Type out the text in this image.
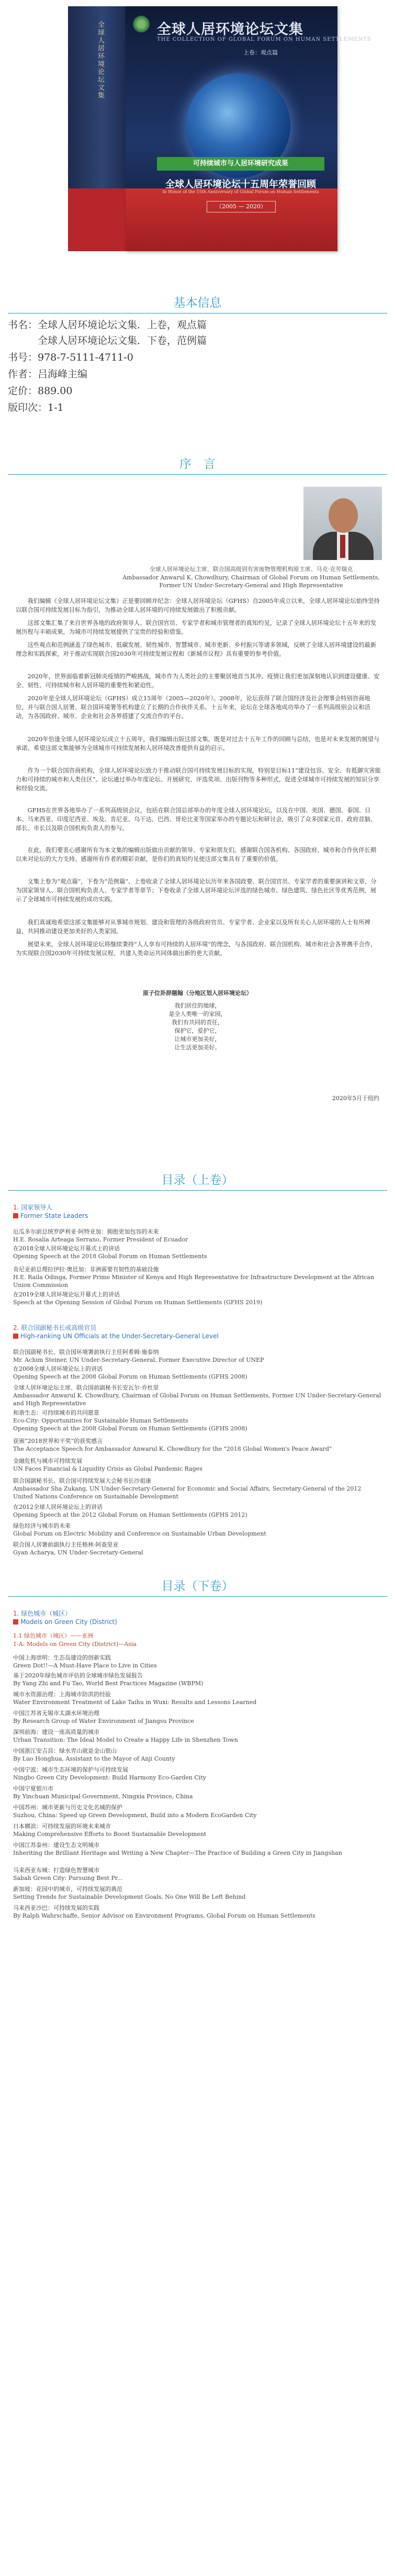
全球人居环境论坛文集	全球人居环境论坛文集
THE COLLECTION OF GLOBAL FORUM ON HUMAN SETTLEMENTS
上卷：观点篇
可持续城市与人居环境研究成果
全球人居环境论坛十五周年荣誉回顾
In Honor of the 15th Anniversary of Global Forum on Human Settlements
（2005 — 2020）
基本信息
书名：全球人居环境论坛文集．上卷，观点篇
全球人居环境论坛文集．下卷，范例篇
书号：978-7-5111-4711-0
作者：吕海峰主编
定价：889.00
版印次：1-1
序　言
全球人居环境论坛主席、联合国高级别有害废物管理机构原主席、马克·克劳瑞克
Ambassador Anwarul K. Chowdhury, Chairman of Global Forum on Human Settlements,
Former UN Under-Secretary-General and High Representative

我们编辑《全球人居环境论坛文集》正是要回顾并纪念：全球人居环境论坛（GFHS）自2005年成立以来，全球人居环境论坛始终坚持以联合国可持续发展目标为指引，为推动全球人居环境的可持续发展做出了积极贡献。

这部文集汇集了来自世界各地的政府领导人、联合国官员、专家学者和城市管理者的真知灼见，记录了全球人居环境论坛十五年来的发展历程与丰硕成果，为城市可持续发展提供了宝贵的经验和借鉴。

这些观点和范例涵盖了绿色城市、低碳发展、韧性城市、智慧城市、城市更新、乡村振兴等诸多领域，反映了全球人居环境建设的最新理念和实践探索，对于推动实现联合国2030年可持续发展议程和《新城市议程》具有重要的参考价值。

2020年，世界面临着新冠肺炎疫情的严峻挑战，城市作为人类社会的主要聚居地首当其冲。疫情让我们更加深刻地认识到建设健康、安全、韧性、可持续城市和人居环境的重要性和紧迫性。

2020年是全球人居环境论坛（GFHS）成立15周年（2005—2020年）。2008年，论坛获得了联合国经济及社会理事会特别咨商地位，并与联合国人居署、联合国环境署等机构建立了长期的合作伙伴关系。十五年来，论坛在全球各地成功举办了一系列高级别会议和活动，为各国政府、城市、企业和社会各界搭建了交流合作的平台。

2020年恰逢全球人居环境论坛成立十五周年，我们编辑出版这部文集，既是对过去十五年工作的回顾与总结，也是对未来发展的展望与承诺。希望这部文集能够为全球城市可持续发展和人居环境改善提供有益的启示。

作为一个联合国咨商机构，全球人居环境论坛致力于推动联合国可持续发展目标的实现，特别是目标11“建设包容、安全、有抵御灾害能力和可持续的城市和人类住区”。论坛通过举办年度论坛、开展研究、评选奖项、出版刊物等多种形式，促进全球城市可持续发展的知识分享和经验交流。

GFHS在世界各地举办了一系列高级别会议，包括在联合国总部举办的年度全球人居环境论坛，以及在中国、美国、德国、泰国、日本、马来西亚、印度尼西亚、埃及、肯尼亚、乌干达、巴西、哥伦比亚等国家举办的专题论坛和研讨会，吸引了众多国家元首、政府首脑、部长、市长以及联合国机构负责人的参与。

在此，我们要衷心感谢所有为本文集的编辑出版做出贡献的领导、专家和朋友们。感谢联合国各机构、各国政府、城市和合作伙伴长期以来对论坛的大力支持。感谢所有作者的精彩贡献，是你们的真知灼见使这部文集具有了重要的价值。

文集上卷为“观点篇”，下卷为“范例篇”。上卷收录了全球人居环境论坛历年来各国政要、联合国官员、专家学者的重要演讲和文章，分为国家领导人、联合国机构负责人、专家学者等章节；下卷收录了全球人居环境论坛评选的绿色城市、绿色建筑、绿色社区等优秀范例，展示了全球城市可持续发展的成功实践。

我们真诚地希望这部文集能够对从事城市规划、建设和管理的各级政府官员、专家学者、企业家以及所有关心人居环境的人士有所裨益，共同推动建设更加美好的人类家园。

展望未来，全球人居环境论坛将继续秉持“人人享有可持续的人居环境”的理念，与各国政府、联合国机构、城市和社会各界携手合作，为实现联合国2030年可持续发展议程、共建人类命运共同体做出新的更大贡献。

原子位卦辞题翰（分地区划人居环境论坛）
我们居住的地球，
是全人类唯一的家园，
我们有共同的责任，
保护它，爱护它，
让城市更加美好，
让生活更加美好。
2020年5月于纽约
目录（上卷）
1. 国家领导人
Former State Leaders
厄瓜多尔前总统罗萨利亚·阿特亚加：拥抱更加包容的未来
H.E. Rosalía Arteaga Serrano, Former President of Ecuador
在2018全球人居环境论坛开幕式上的讲话
Opening Speech at the 2018 Global Forum on Human Settlements
肯尼亚前总理拉伊拉·奥廷加：非洲需要有韧性的基础设施
H.E. Raila Odinga, Former Prime Minister of Kenya and High Representative for Infrastructure Development at the African Union Commission
在2019全球人居环境论坛开幕式上的讲话
Speech at the Opening Session of Global Forum on Human Settlements (GFHS 2019)
2. 联合国副秘书长或高级官员
High-ranking UN Officials at the Under-Secretary-General Level
联合国副秘书长、联合国环境署前执行主任阿希姆·施泰纳
Mr. Achim Steiner, UN Under-Secretary-General, Former Executive Director of UNEP
在2008全球人居环境论坛上的讲话
Opening Speech at the 2008 Global Forum on Human Settlements (GFHS 2008)
全球人居环境论坛主席、联合国前副秘书长安瓦尔·乔杜里
Ambassador Anwarul K. Chowdhury, Chairman of Global Forum on Human Settlements, Former UN Under-Secretary-General and High Representative
和谐生态：可持续城市的共同愿景
Eco-City: Opportunities for Sustainable Human Settlements
Opening Speech at the 2008 Global Forum on Human Settlements (GFHS 2008)
获颁“2018世界和平奖”的获奖感言
The Acceptance Speech for Ambassador Anwarul K. Chowdhury for the "2018 Global Women's Peace Award"
金融危机与城市可持续发展
UN Faces Financial & Liquidity Crisis as Global Pandemic Rages
联合国副秘书长、联合国可持续发展大会秘书长沙祖康
Ambassador Sha Zukang, UN Under-Secretary-General for Economic and Social Affairs, Secretary-General of the 2012 United Nations Conference on Sustainable Development
在2012全球人居环境论坛上的讲话
Opening Speech at the 2012 Global Forum on Human Settlements (GFHS 2012)
绿色经济与城市的未来
Global Forum on Electric Mobility and Conference on Sustainable Urban Development
联合国人居署前副执行主任格林·阿查里亚
Gyan Acharya, UN Under-Secretary-General
目录（下卷）
1. 绿色城市（城区）
Models on Green City (District)
1.1 绿色城市（城区）——亚洲
1-A: Models on Green City (District)—Asia
中国上海崇明：生态岛建设的创新实践
Green Dot!!—A Must-Have Place to Live in Cities
基于2020年绿色城市评估的全球城市绿色发展报告
By Yang Zhi and Fu Tao, World Best Practices Magazine (WBPM)
城市水资源治理：上海城市防洪的经验
Water Environment Treatment of Lake Taihu in Wuxi: Results and Lessons Learned
中国江苏省无锡市太湖水环境治理
By Research Group of Water Environment of Jiangsu Province
深圳前海：建设一座高质量的城市
Urban Transition: The Ideal Model to Create a Happy Life in Shenzhen Town
中国浙江安吉县：绿水青山就是金山银山
By Luo Honghua, Assistant to the Mayor of Anji County
中国宁波：城市生态环境的保护与可持续发展
Ningbo Green City Development: Build Harmony Eco-Garden City
中国宁夏银川市
By Yinchuan Municipal Government, Ningxia Province, China
中国苏州：城市更新与历史文化名城的保护
Suzhou, China: Speed up Green Development, Build into a Modern EcoGarden City
日本横滨：可持续发展的环境未来城市
Making Comprehensive Efforts to Boost Sustainable Development
中国江苏泰州：建设生态文明城市
Inheriting the Brilliant Heritage and Writing a New Chapter—The Practice of Building a Green City in Jiangshan
马来西亚布城：打造绿色智慧城市
Sabah Green City: Pursuing Best Pr...
新加坡：花园中的城市，可持续发展的典范
Setting Trends for Sustainable Development Goals, No One Will Be Left Behind
马来西亚沙巴：可持续发展的实践
By Ralph Wahrschaffe, Senior Advisor on Environment Programs, Global Forum on Human Settlements
